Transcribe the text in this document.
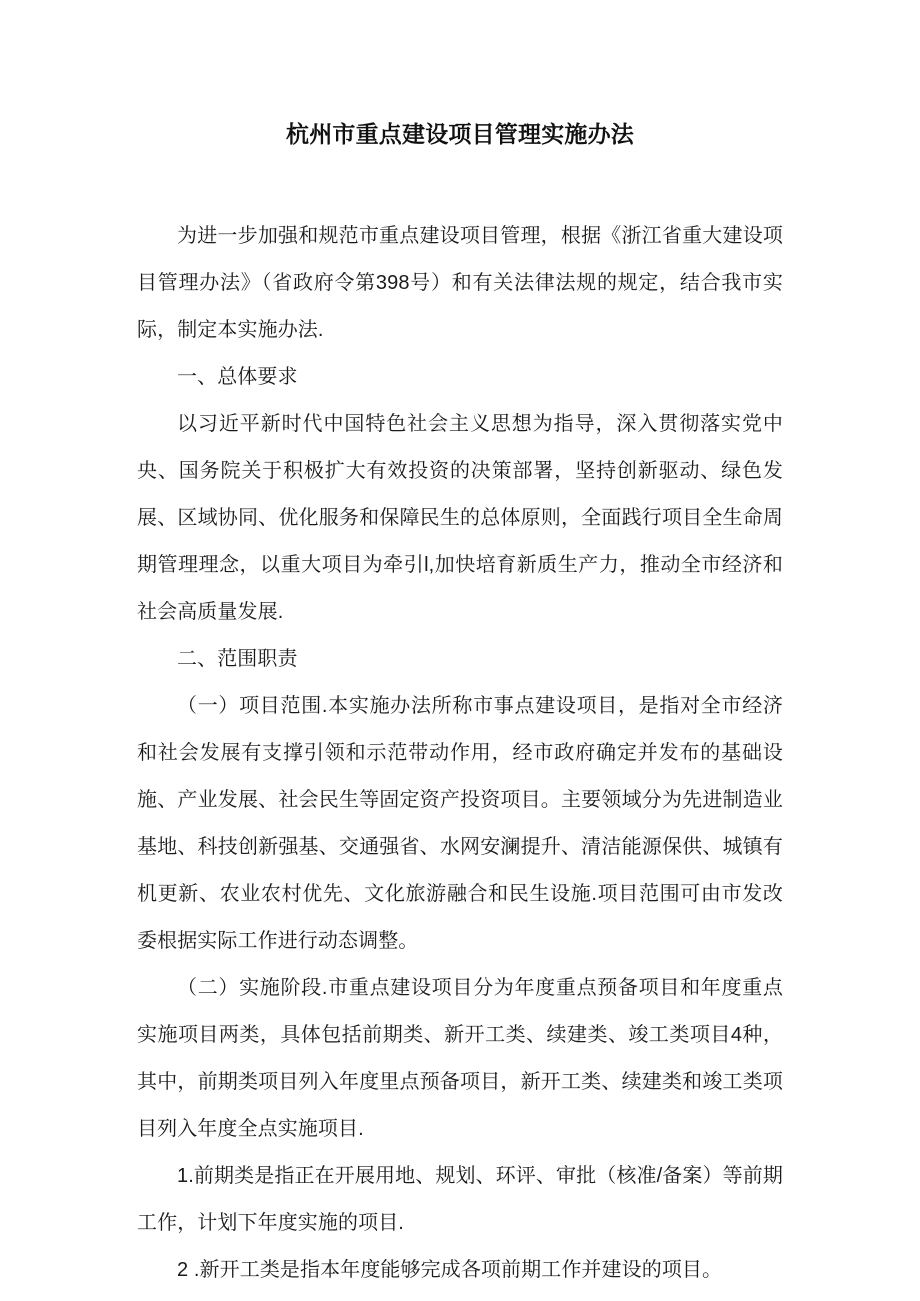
杭州市重点建设项目管理实施办法

为进一步加强和规范市重点建设项目管理，根据《浙江省重大建设项目管理办法》（省政府令第398号）和有关法律法规的规定，结合我市实际，制定本实施办法.

一、总体要求

以习近平新时代中国特色社会主义思想为指导，深入贯彻落实党中央、国务院关于积极扩大有效投资的决策部署，坚持创新驱动、绿色发展、区域协同、优化服务和保障民生的总体原则，全面践行项目全生命周期管理理念，以重大项目为牵引l,加快培育新质生产力，推动全市经济和社会高质量发展.

二、范围职责

（一）项目范围.本实施办法所称市事点建设项目，是指对全市经济和社会发展有支撑引领和示范带动作用，经市政府确定并发布的基础设施、产业发展、社会民生等固定资产投资项目。主要领域分为先进制造业基地、科技创新强基、交通强省、水网安澜提升、清洁能源保供、城镇有机更新、农业农村优先、文化旅游融合和民生设施.项目范围可由市发改委根据实际工作进行动态调整。

（二）实施阶段.市重点建设项目分为年度重点预备项目和年度重点实施项目两类，具体包括前期类、新开工类、续建类、竣工类项目4种，其中，前期类项目列入年度里点预备项目，新开工类、续建类和竣工类项目列入年度全点实施项目.

1.前期类是指正在开展用地、规划、环评、审批（核准/备案）等前期工作，计划下年度实施的项目.

2 .新开工类是指本年度能够完成各项前期工作并建设的项目。
